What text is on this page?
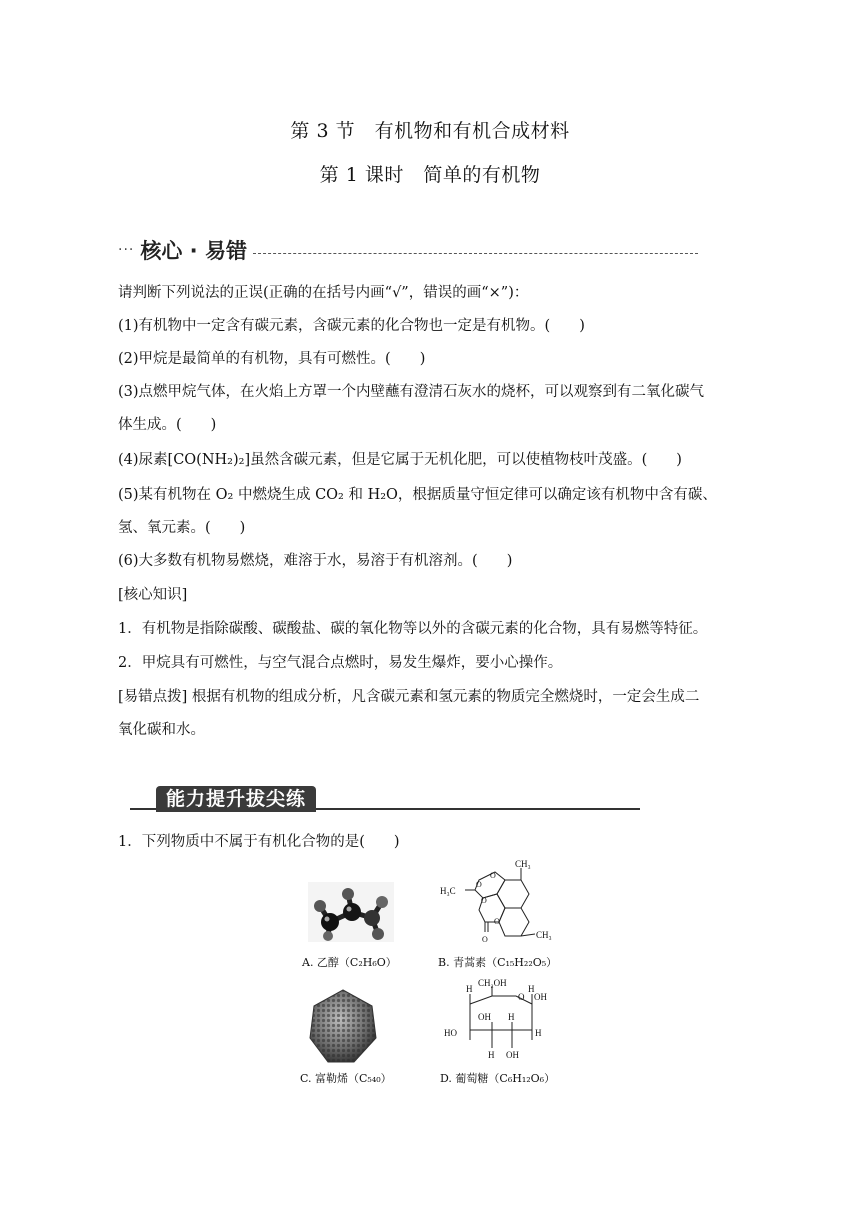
第 3 节　有机物和有机合成材料
第 1 课时　简单的有机物
··· 核心 · 易错
请判断下列说法的正误(正确的在括号内画“√”，错误的画“×”)：
(1)有机物中一定含有碳元素，含碳元素的化合物也一定是有机物。(　　)
(2)甲烷是最简单的有机物，具有可燃性。(　　)
(3)点燃甲烷气体，在火焰上方罩一个内壁蘸有澄清石灰水的烧杯，可以观察到有二氧化碳气
体生成。(　　)
(4)尿素[CO(NH₂)₂]虽然含碳元素，但是它属于无机化肥，可以使植物枝叶茂盛。(　　)
(5)某有机物在 O₂ 中燃烧生成 CO₂ 和 H₂O，根据质量守恒定律可以确定该有机物中含有碳、
氢、氧元素。(　　)
(6)大多数有机物易燃烧，难溶于水，易溶于有机溶剂。(　　)
[核心知识]
1．有机物是指除碳酸、碳酸盐、碳的氧化物等以外的含碳元素的化合物，具有易燃等特征。
2．甲烷具有可燃性，与空气混合点燃时，易发生爆炸，要小心操作。
[易错点拨] 根据有机物的组成分析，凡含碳元素和氢元素的物质完全燃烧时，一定会生成二
氧化碳和水。
能力提升拔尖练
1．下列物质中不属于有机化合物的是(　　)
A. 乙醇（C₂H₆O）
CH₃
H₃C
CH₃
O
O
O
O
O
B. 青蒿素（C₁₅H₂₂O₅）
C. 富勒烯（C₅₄₀）
CH₂OH
O
H
OH
H
OH H
HO	H
H OH
D. 葡萄糖（C₆H₁₂O₆）
